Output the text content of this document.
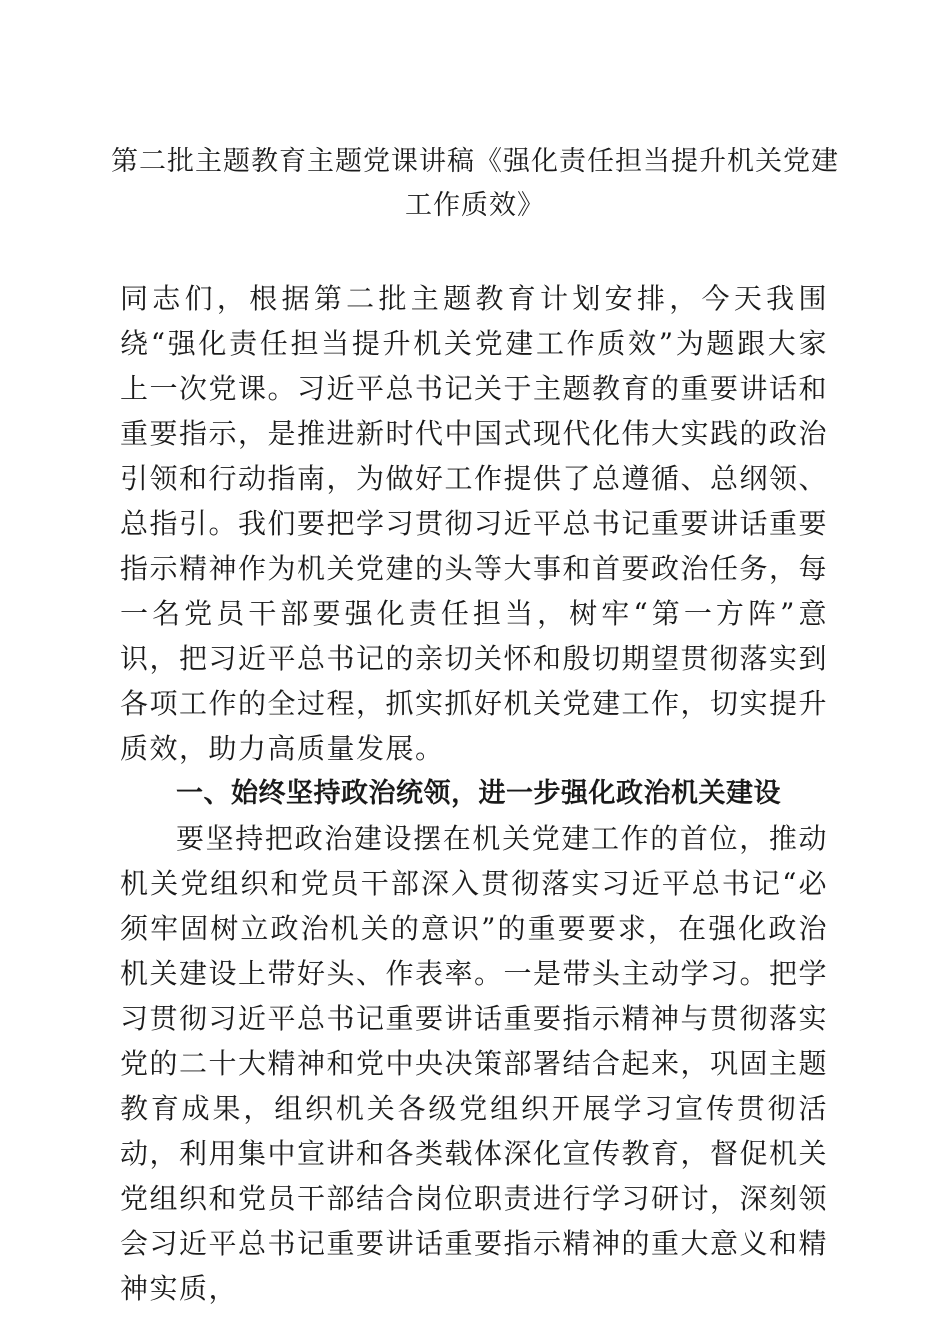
第二批主题教育主题党课讲稿《强化责任担当提升机关党建工作质效》

同志们，根据第二批主题教育计划安排，今天我围绕“强化责任担当提升机关党建工作质效”为题跟大家上一次党课。习近平总书记关于主题教育的重要讲话和重要指示，是推进新时代中国式现代化伟大实践的政治引领和行动指南，为做好工作提供了总遵循、总纲领、总指引。我们要把学习贯彻习近平总书记重要讲话重要指示精神作为机关党建的头等大事和首要政治任务，每一名党员干部要强化责任担当，树牢“第一方阵”意识，把习近平总书记的亲切关怀和殷切期望贯彻落实到各项工作的全过程，抓实抓好机关党建工作，切实提升质效，助力高质量发展。

一、始终坚持政治统领，进一步强化政治机关建设

要坚持把政治建设摆在机关党建工作的首位，推动机关党组织和党员干部深入贯彻落实习近平总书记“必须牢固树立政治机关的意识”的重要要求，在强化政治机关建设上带好头、作表率。一是带头主动学习。把学习贯彻习近平总书记重要讲话重要指示精神与贯彻落实党的二十大精神和党中央决策部署结合起来，巩固主题教育成果，组织机关各级党组织开展学习宣传贯彻活动，利用集中宣讲和各类载体深化宣传教育，督促机关党组织和党员干部结合岗位职责进行学习研讨，深刻领会习近平总书记重要讲话重要指示精神的重大意义和精神实质，
